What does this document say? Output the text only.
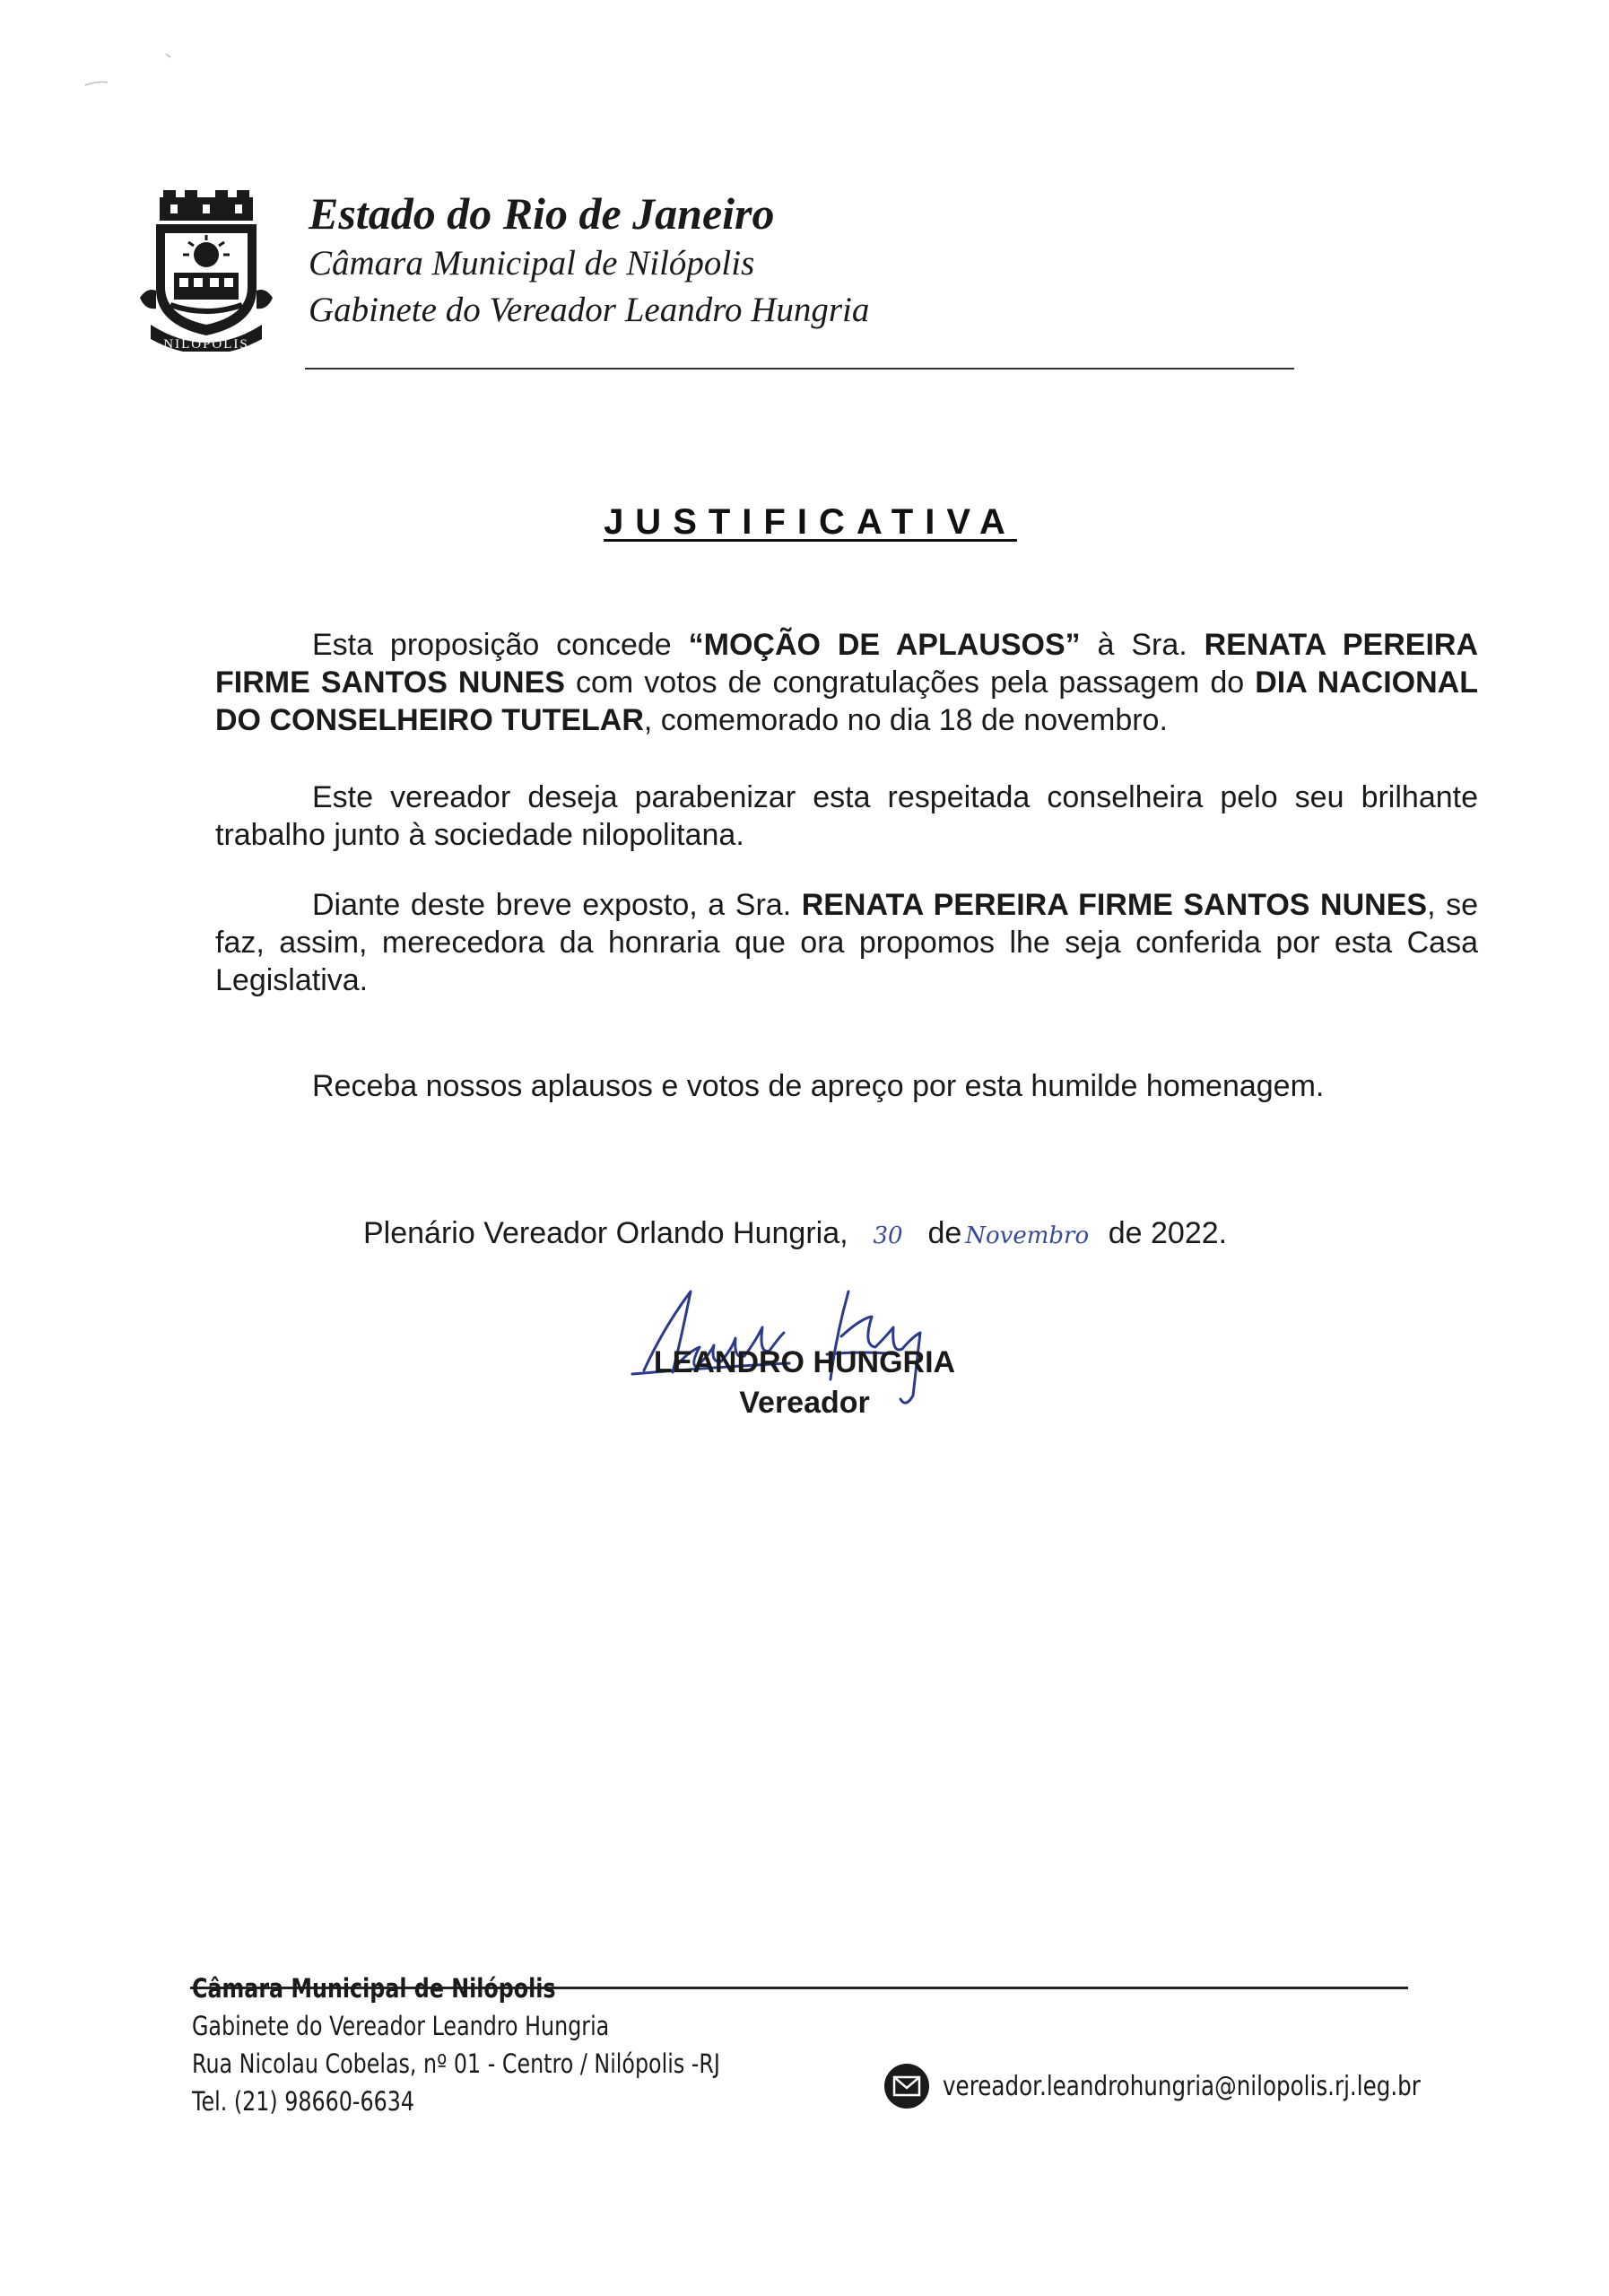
NILÓPOLIS
Estado do Rio de Janeiro
Câmara Municipal de Nilópolis
Gabinete do Vereador Leandro Hungria
JUSTIFICATIVA

Esta proposição concede “MOÇÃO DE APLAUSOS” à Sra. RENATA PEREIRA FIRME SANTOS NUNES com votos de congratulações pela passagem do DIA NACIONAL DO CONSELHEIRO TUTELAR, comemorado no dia 18 de novembro.

Este vereador deseja parabenizar esta respeitada conselheira pelo seu brilhante trabalho junto à sociedade nilopolitana.

Diante deste breve exposto, a Sra. RENATA PEREIRA FIRME SANTOS NUNES, se faz, assim, merecedora da honraria que ora propomos lhe seja conferida por esta Casa Legislativa.

Receba nossos aplausos e votos de apreço por esta humilde homenagem.

Plenário Vereador Orlando Hungria, 30 de Novembro de 2022.
LEANDRO HUNGRIA
Vereador
Câmara Municipal de Nilópolis
Gabinete do Vereador Leandro Hungria
Rua Nicolau Cobelas, nº 01 - Centro / Nilópolis -RJ
Tel. (21) 98660-6634	vereador.leandrohungria@nilopolis.rj.leg.br
